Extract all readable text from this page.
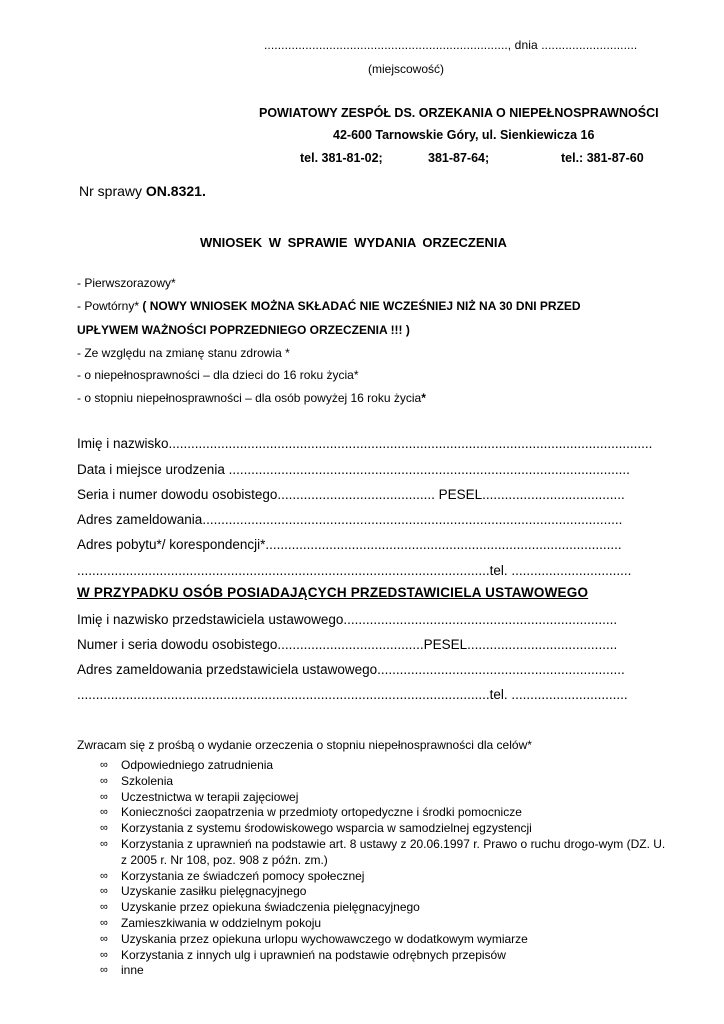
......................................................................., dnia ............................
(miejscowość)
POWIATOWY ZESPÓŁ DS. ORZEKANIA O NIEPEŁNOSPRAWNOŚCI
42-600 Tarnowskie Góry, ul. Sienkiewicza 16
tel. 381-81-02;	381-87-64;	tel.: 381-87-60
Nr sprawy ON.8321.
WNIOSEK W SPRAWIE WYDANIA ORZECZENIA
- Pierwszorazowy*
- Powtórny* ( NOWY WNIOSEK MOŻNA SKŁADAĆ NIE WCZEŚNIEJ NIŻ NA 30 DNI PRZED
UPŁYWEM WAŻNOŚCI POPRZEDNIEGO ORZECZENIA !!! )
- Ze względu na zmianę stanu zdrowia *
- o niepełnosprawności – dla dzieci do 16 roku życia*
- o stopniu niepełnosprawności – dla osób powyżej 16 roku życia*
Imię i nazwisko.................................................................................................................................
Data i miejsce urodzenia ...........................................................................................................
Seria i numer dowodu osobistego.......................................... PESEL......................................
Adres zameldowania................................................................................................................
Adres pobytu*/ korespondencji*...............................................................................................
..............................................................................................................tel. ................................
W PRZYPADKU OSÓB POSIADAJĄCYCH PRZEDSTAWICIELA USTAWOWEGO
Imię i nazwisko przedstawiciela ustawowego.........................................................................
Numer i seria dowodu osobistego.......................................PESEL........................................
Adres zameldowania przedstawiciela ustawowego..................................................................
..............................................................................................................tel. ...............................
Zwracam się z prośbą o wydanie orzeczenia o stopniu niepełnosprawności dla celów*
∞ Odpowiedniego zatrudnienia
∞ Szkolenia
∞ Uczestnictwa w terapii zajęciowej
∞ Konieczności zaopatrzenia w przedmioty ortopedyczne i środki pomocnicze
∞ Korzystania z systemu środowiskowego wsparcia w samodzielnej egzystencji
∞ Korzystania z uprawnień na podstawie art. 8 ustawy z 20.06.1997 r. Prawo o ruchu drogo-wym (DZ. U. z 2005 r. Nr 108, poz. 908 z późn. zm.)
∞ Korzystania ze świadczeń pomocy społecznej
∞ Uzyskanie zasiłku pielęgnacyjnego
∞ Uzyskanie przez opiekuna świadczenia pielęgnacyjnego
∞ Zamieszkiwania w oddzielnym pokoju
∞ Uzyskania przez opiekuna urlopu wychowawczego w dodatkowym wymiarze
∞ Korzystania z innych ulg i uprawnień na podstawie odrębnych przepisów
∞ inne
